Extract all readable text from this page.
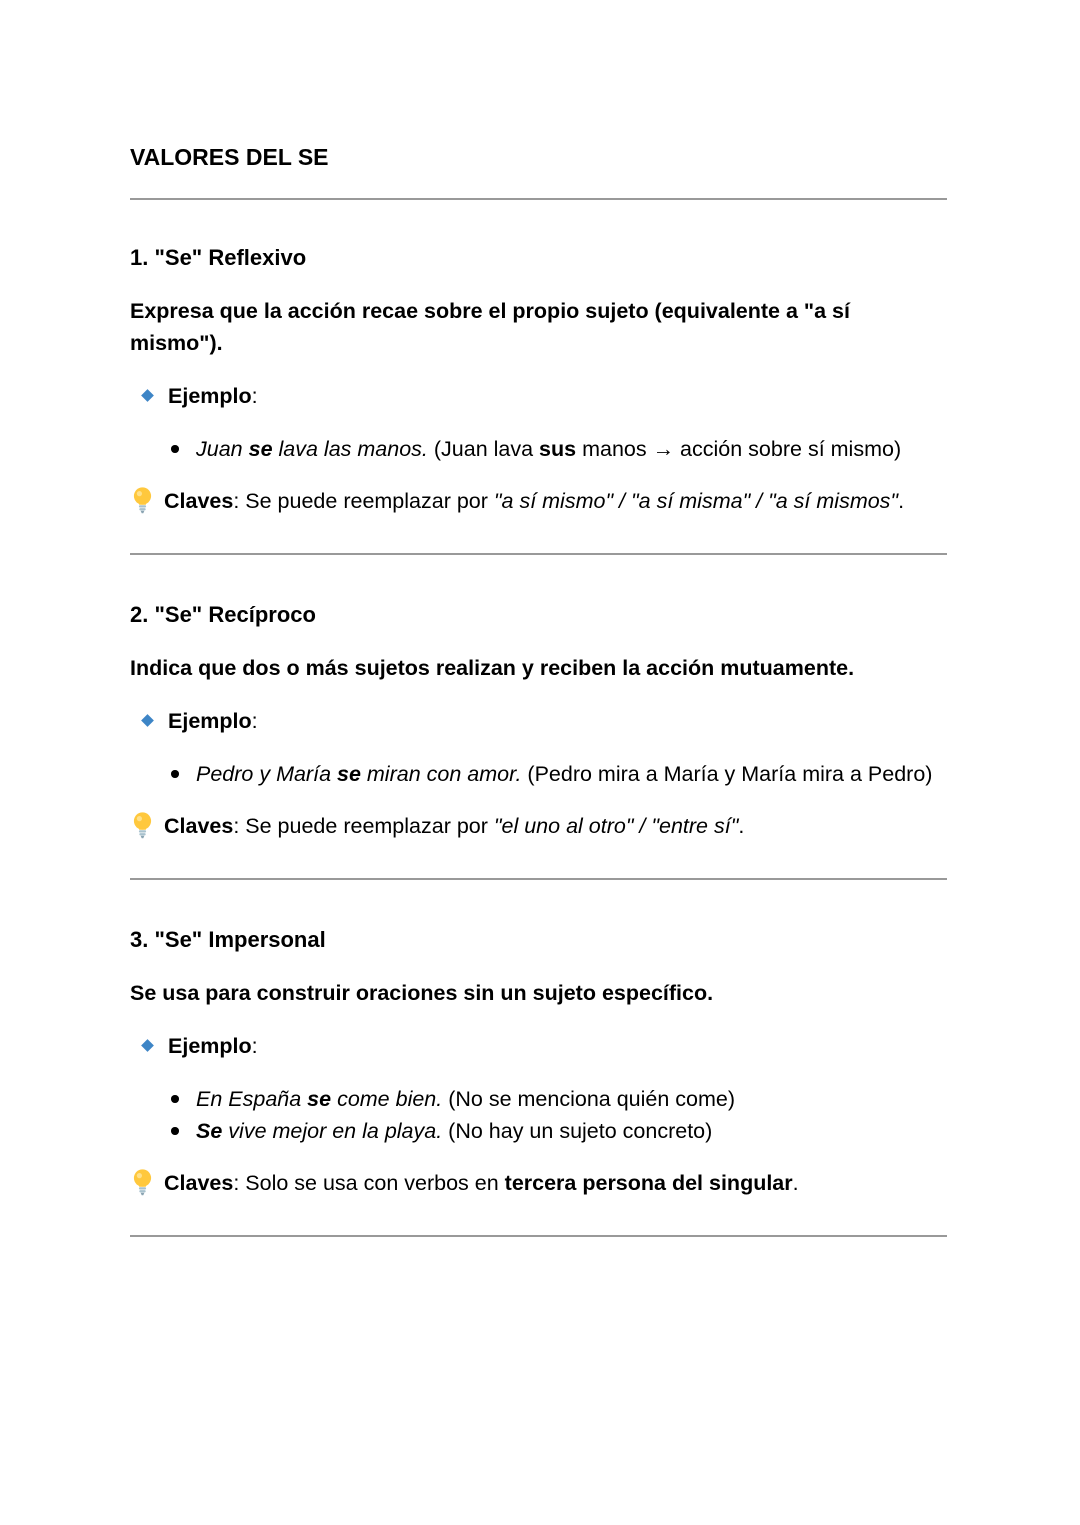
VALORES DEL SE
1. "Se" Reflexivo

Expresa que la acción recae sobre el propio sujeto (equivalente a "a sí mismo").

Ejemplo:
Juan se lava las manos. (Juan lava sus manos → acción sobre sí mismo)

Claves: Se puede reemplazar por "a sí mismo" / "a sí misma" / "a sí mismos".

2. "Se" Recíproco

Indica que dos o más sujetos realizan y reciben la acción mutuamente.

Ejemplo:
Pedro y María se miran con amor. (Pedro mira a María y María mira a Pedro)

Claves: Se puede reemplazar por "el uno al otro" / "entre sí".

3. "Se" Impersonal

Se usa para construir oraciones sin un sujeto específico.

Ejemplo:
En España se come bien. (No se menciona quién come)
Se vive mejor en la playa. (No hay un sujeto concreto)

Claves: Solo se usa con verbos en tercera persona del singular.
